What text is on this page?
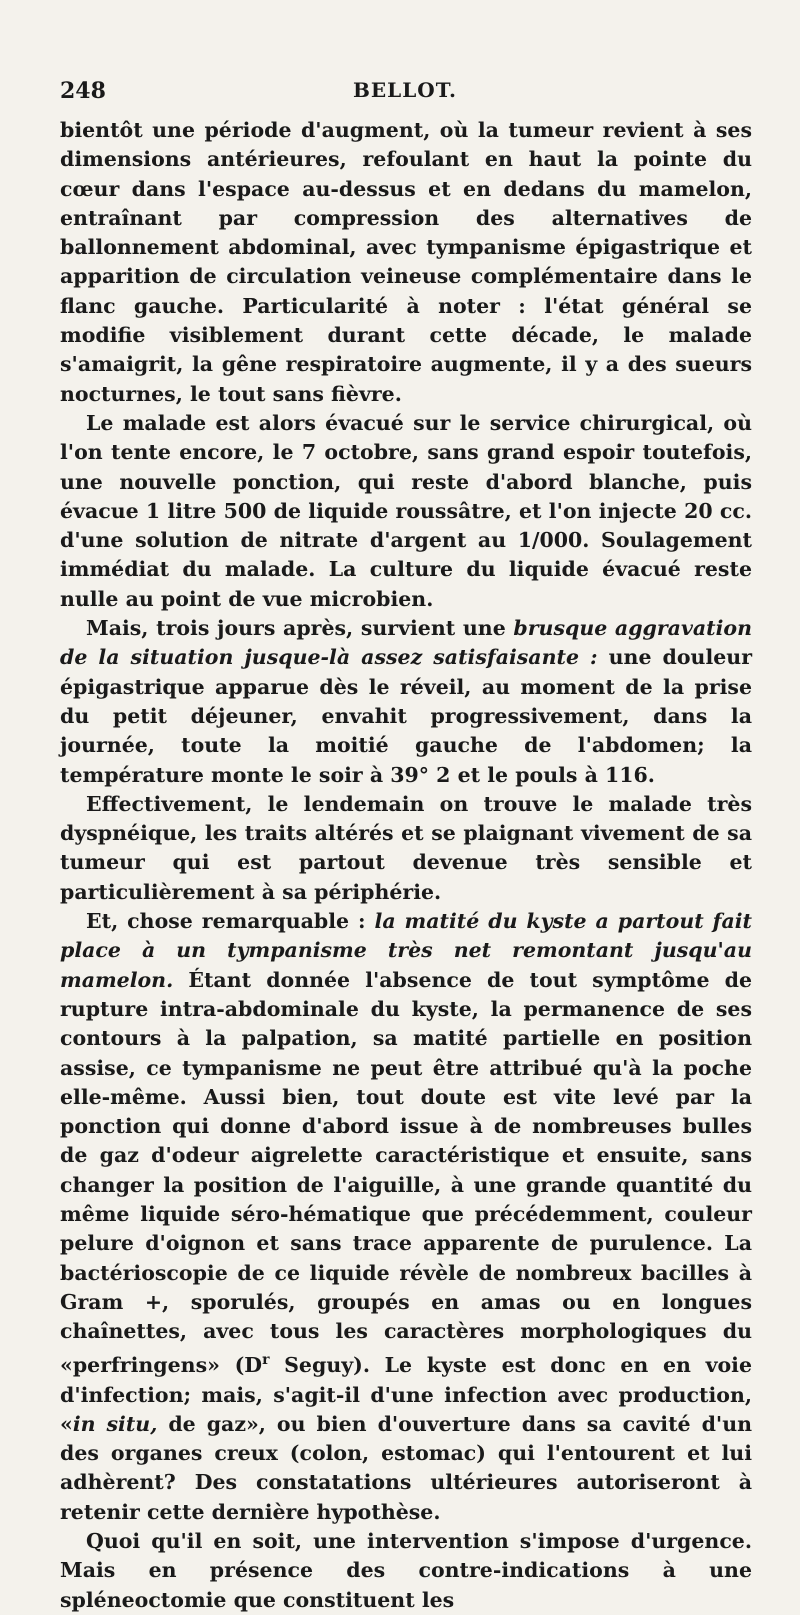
248	BELLOT.

bientôt une période d'augment, où la tumeur revient à ses dimensions antérieures, refoulant en haut la pointe du cœur dans l'espace au-dessus et en dedans du mamelon, entraînant par compression des alternatives de ballonnement abdominal, avec tympanisme épigastrique et apparition de circulation veineuse complémentaire dans le flanc gauche. Particularité à noter : l'état général se modifie visiblement durant cette décade, le malade s'amaigrit, la gêne respiratoire augmente, il y a des sueurs nocturnes, le tout sans fièvre.

Le malade est alors évacué sur le service chirurgical, où l'on tente encore, le 7 octobre, sans grand espoir toutefois, une nouvelle ponction, qui reste d'abord blanche, puis évacue 1 litre 500 de liquide roussâtre, et l'on injecte 20 cc. d'une solution de nitrate d'argent au 1/000. Soulagement immédiat du malade. La culture du liquide évacué reste nulle au point de vue microbien.

Mais, trois jours après, survient une brusque aggravation de la situation jusque-là assez satisfaisante : une douleur épigastrique apparue dès le réveil, au moment de la prise du petit déjeuner, envahit progressivement, dans la journée, toute la moitié gauche de l'abdomen; la température monte le soir à 39° 2 et le pouls à 116.

Effectivement, le lendemain on trouve le malade très dyspnéique, les traits altérés et se plaignant vivement de sa tumeur qui est partout devenue très sensible et particulièrement à sa périphérie.

Et, chose remarquable : la matité du kyste a partout fait place à un tympanisme très net remontant jusqu'au mamelon. Étant donnée l'absence de tout symptôme de rupture intra-abdominale du kyste, la permanence de ses contours à la palpation, sa matité partielle en position assise, ce tympanisme ne peut être attribué qu'à la poche elle-même. Aussi bien, tout doute est vite levé par la ponction qui donne d'abord issue à de nombreuses bulles de gaz d'odeur aigrelette caractéristique et ensuite, sans changer la position de l'aiguille, à une grande quantité du même liquide séro-hématique que précédemment, couleur pelure d'oignon et sans trace apparente de purulence. La bactérioscopie de ce liquide révèle de nombreux bacilles à Gram +, sporulés, groupés en amas ou en longues chaînettes, avec tous les caractères morphologiques du «perfringens» ($D^r$ Seguy). Le kyste est donc en en voie d'infection; mais, s'agit-il d'une infection avec production, «in situ, de gaz», ou bien d'ouverture dans sa cavité d'un des organes creux (colon, estomac) qui l'entourent et lui adhèrent? Des constatations ultérieures autoriseront à retenir cette dernière hypothèse.

Quoi qu'il en soit, une intervention s'impose d'urgence. Mais en présence des contre-indications à une spléneoctomie que constituent les
